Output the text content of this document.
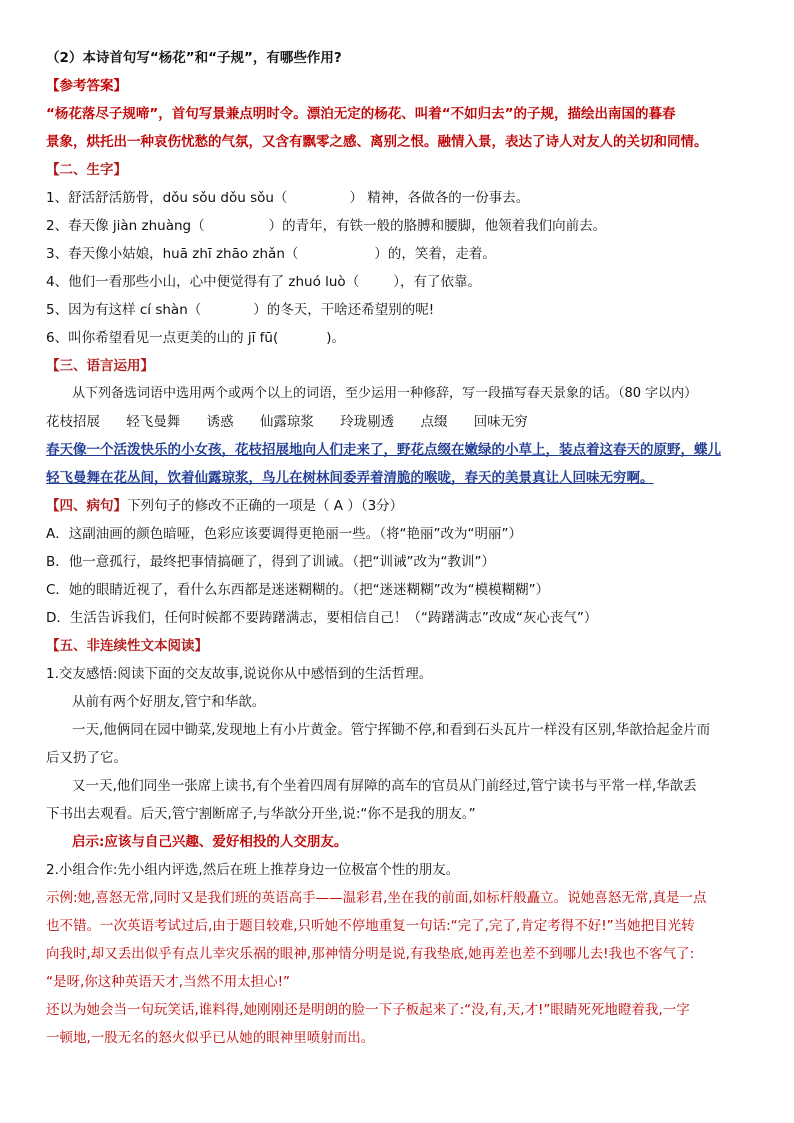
（2）本诗首句写“杨花”和“子规”，有哪些作用?
【参考答案】
“杨花落尽子规啼”，首句写景兼点明时令。漂泊无定的杨花、叫着“不如归去”的子规，描绘出南国的暮春
景象，烘托出一种哀伤忧愁的气氛，又含有飘零之感、离别之恨。融情入景，表达了诗人对友人的关切和同情。
【二、生字】
1、舒活舒活筋骨，dǒu sǒu dǒu sǒu（	） 精神，各做各的一份事去。
2、春天像 jiàn zhuàng（	）的青年，有铁一般的胳膊和腰脚，他领着我们向前去。
3、春天像小姑娘，huā zhī zhāo zhǎn（	）的，笑着，走着。
4、他们一看那些小山，心中便觉得有了 zhuó luò（	），有了依靠。
5、因为有这样 cí shàn（	）的冬天，干啥还希望别的呢!
6、叫你希望看见一点更美的山的 jī fū(	)。
【三、语言运用】
从下列备选词语中选用两个或两个以上的词语，至少运用一种修辞，写一段描写春天景象的话。（80 字以内）
花枝招展 轻飞曼舞 诱惑 仙露琼浆 玲珑剔透 点缀 回味无穷
春天像一个活泼快乐的小女孩，花枝招展地向人们走来了，野花点缀在嫩绿的小草上，装点着这春天的原野，蝶儿
轻飞曼舞在花丛间，饮着仙露琼浆，鸟儿在树林间委弄着清脆的喉咙，春天的美景真让人回味无穷啊。
【四、病句】下列句子的修改不正确的一项是（ A ）（3分）
A．这副油画的颜色暗哑，色彩应该要调得更艳丽一些。（将“艳丽”改为“明丽”）
B．他一意孤行，最终把事情搞砸了，得到了训诫。（把“训诫”改为“教训”）
C．她的眼睛近视了，看什么东西都是迷迷糊糊的。（把“迷迷糊糊”改为“模模糊糊”）
D．生活告诉我们，任何时候都不要踌躇满志，要相信自己！（“踌躇满志”改成“灰心丧气”）
【五、非连续性文本阅读】
1.交友感悟:阅读下面的交友故事,说说你从中感悟到的生活哲理。
从前有两个好朋友,管宁和华歆。
一天,他俩同在园中锄菜,发现地上有小片黄金。管宁挥锄不停,和看到石头瓦片一样没有区别,华歆拾起金片而
后又扔了它。
又一天,他们同坐一张席上读书,有个坐着四周有屏障的高车的官员从门前经过,管宁读书与平常一样,华歆丢
下书出去观看。后天,管宁割断席子,与华歆分开坐,说:“你不是我的朋友。”
启示:应该与自己兴趣、爱好相投的人交朋友。
2.小组合作:先小组内评选,然后在班上推荐身边一位极富个性的朋友。
示例:她,喜怒无常,同时又是我们班的英语高手——温彩君,坐在我的前面,如标杆般矗立。说她喜怒无常,真是一点
也不错。一次英语考试过后,由于题目较难,只听她不停地重复一句话:“完了,完了,肯定考得不好!”当她把目光转
向我时,却又丢出似乎有点儿幸灾乐祸的眼神,那神情分明是说,有我垫底,她再差也差不到哪儿去!我也不客气了:
“是呀,你这种英语天才,当然不用太担心!”
还以为她会当一句玩笑话,谁料得,她刚刚还是明朗的脸一下子板起来了:“没,有,天,才!”眼睛死死地瞪着我,一字
一顿地,一股无名的怒火似乎已从她的眼神里喷射而出。
